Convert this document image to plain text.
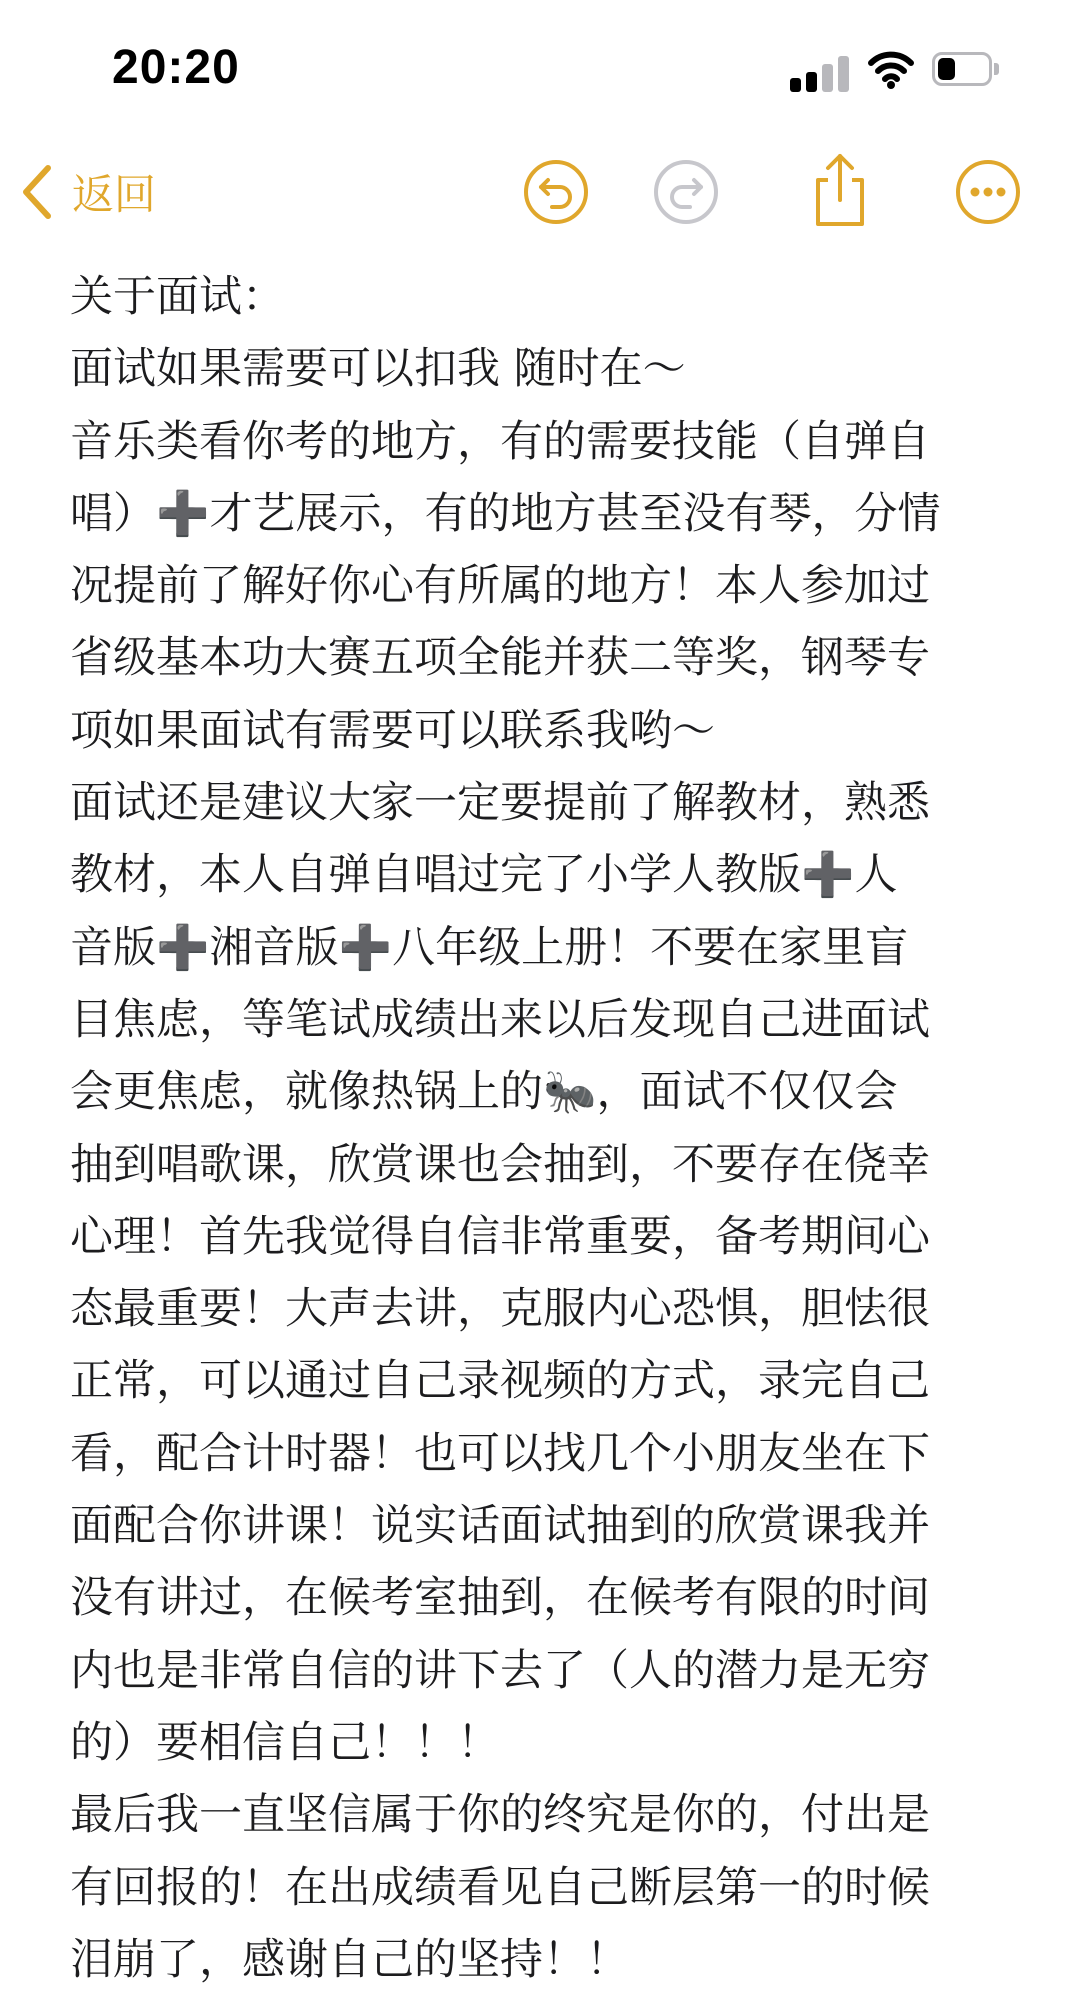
20:20
返回

关于面试：

面试如果需要可以扣我 随时在～

音乐类看你考的地方，有的需要技能（自弹自
唱）➕才艺展示，有的地方甚至没有琴，分情
况提前了解好你心有所属的地方！本人参加过
省级基本功大赛五项全能并获二等奖，钢琴专
项如果面试有需要可以联系我哟～

面试还是建议大家一定要提前了解教材，熟悉
教材，本人自弹自唱过完了小学人教版➕人
音版➕湘音版➕八年级上册！不要在家里盲
目焦虑，等笔试成绩出来以后发现自己进面试
会更焦虑，就像热锅上的🐜，面试不仅仅会
抽到唱歌课，欣赏课也会抽到，不要存在侥幸
心理！首先我觉得自信非常重要，备考期间心
态最重要！大声去讲，克服内心恐惧，胆怯很
正常，可以通过自己录视频的方式，录完自己
看，配合计时器！也可以找几个小朋友坐在下
面配合你讲课！说实话面试抽到的欣赏课我并
没有讲过，在候考室抽到，在候考有限的时间
内也是非常自信的讲下去了（人的潜力是无穷
的）要相信自己！！！

最后我一直坚信属于你的终究是你的，付出是
有回报的！在出成绩看见自己断层第一的时候
泪崩了，感谢自己的坚持！！
